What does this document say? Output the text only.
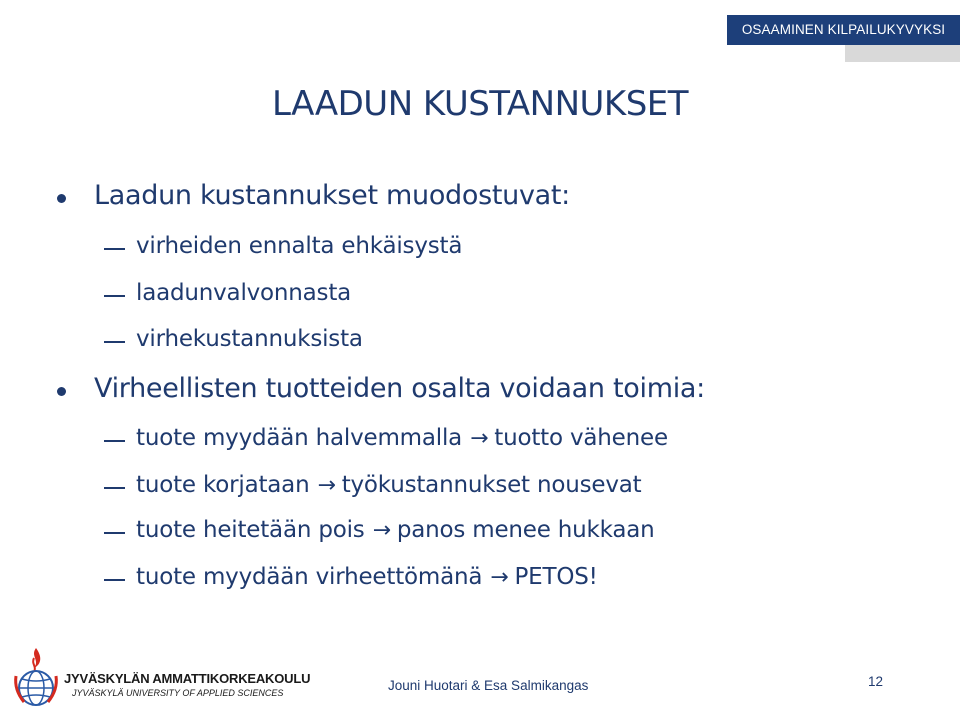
OSAAMINEN KILPAILUKYVYKSI
LAADUN KUSTANNUKSET
Laadun kustannukset muodostuvat:
virheiden ennalta ehkäisystä
laadunvalvonnasta
virhekustannuksista
Virheellisten tuotteiden osalta voidaan toimia:
tuote myydään halvemmalla → tuotto vähenee
tuote korjataan → työkustannukset nousevat
tuote heitetään pois → panos menee hukkaan
tuote myydään virheettömänä → PETOS!
JYVÄSKYLÄN AMMATTIKORKEAKOULU
JYVÄSKYLÄ UNIVERSITY OF APPLIED SCIENCES	Jouni Huotari & Esa Salmikangas	12
